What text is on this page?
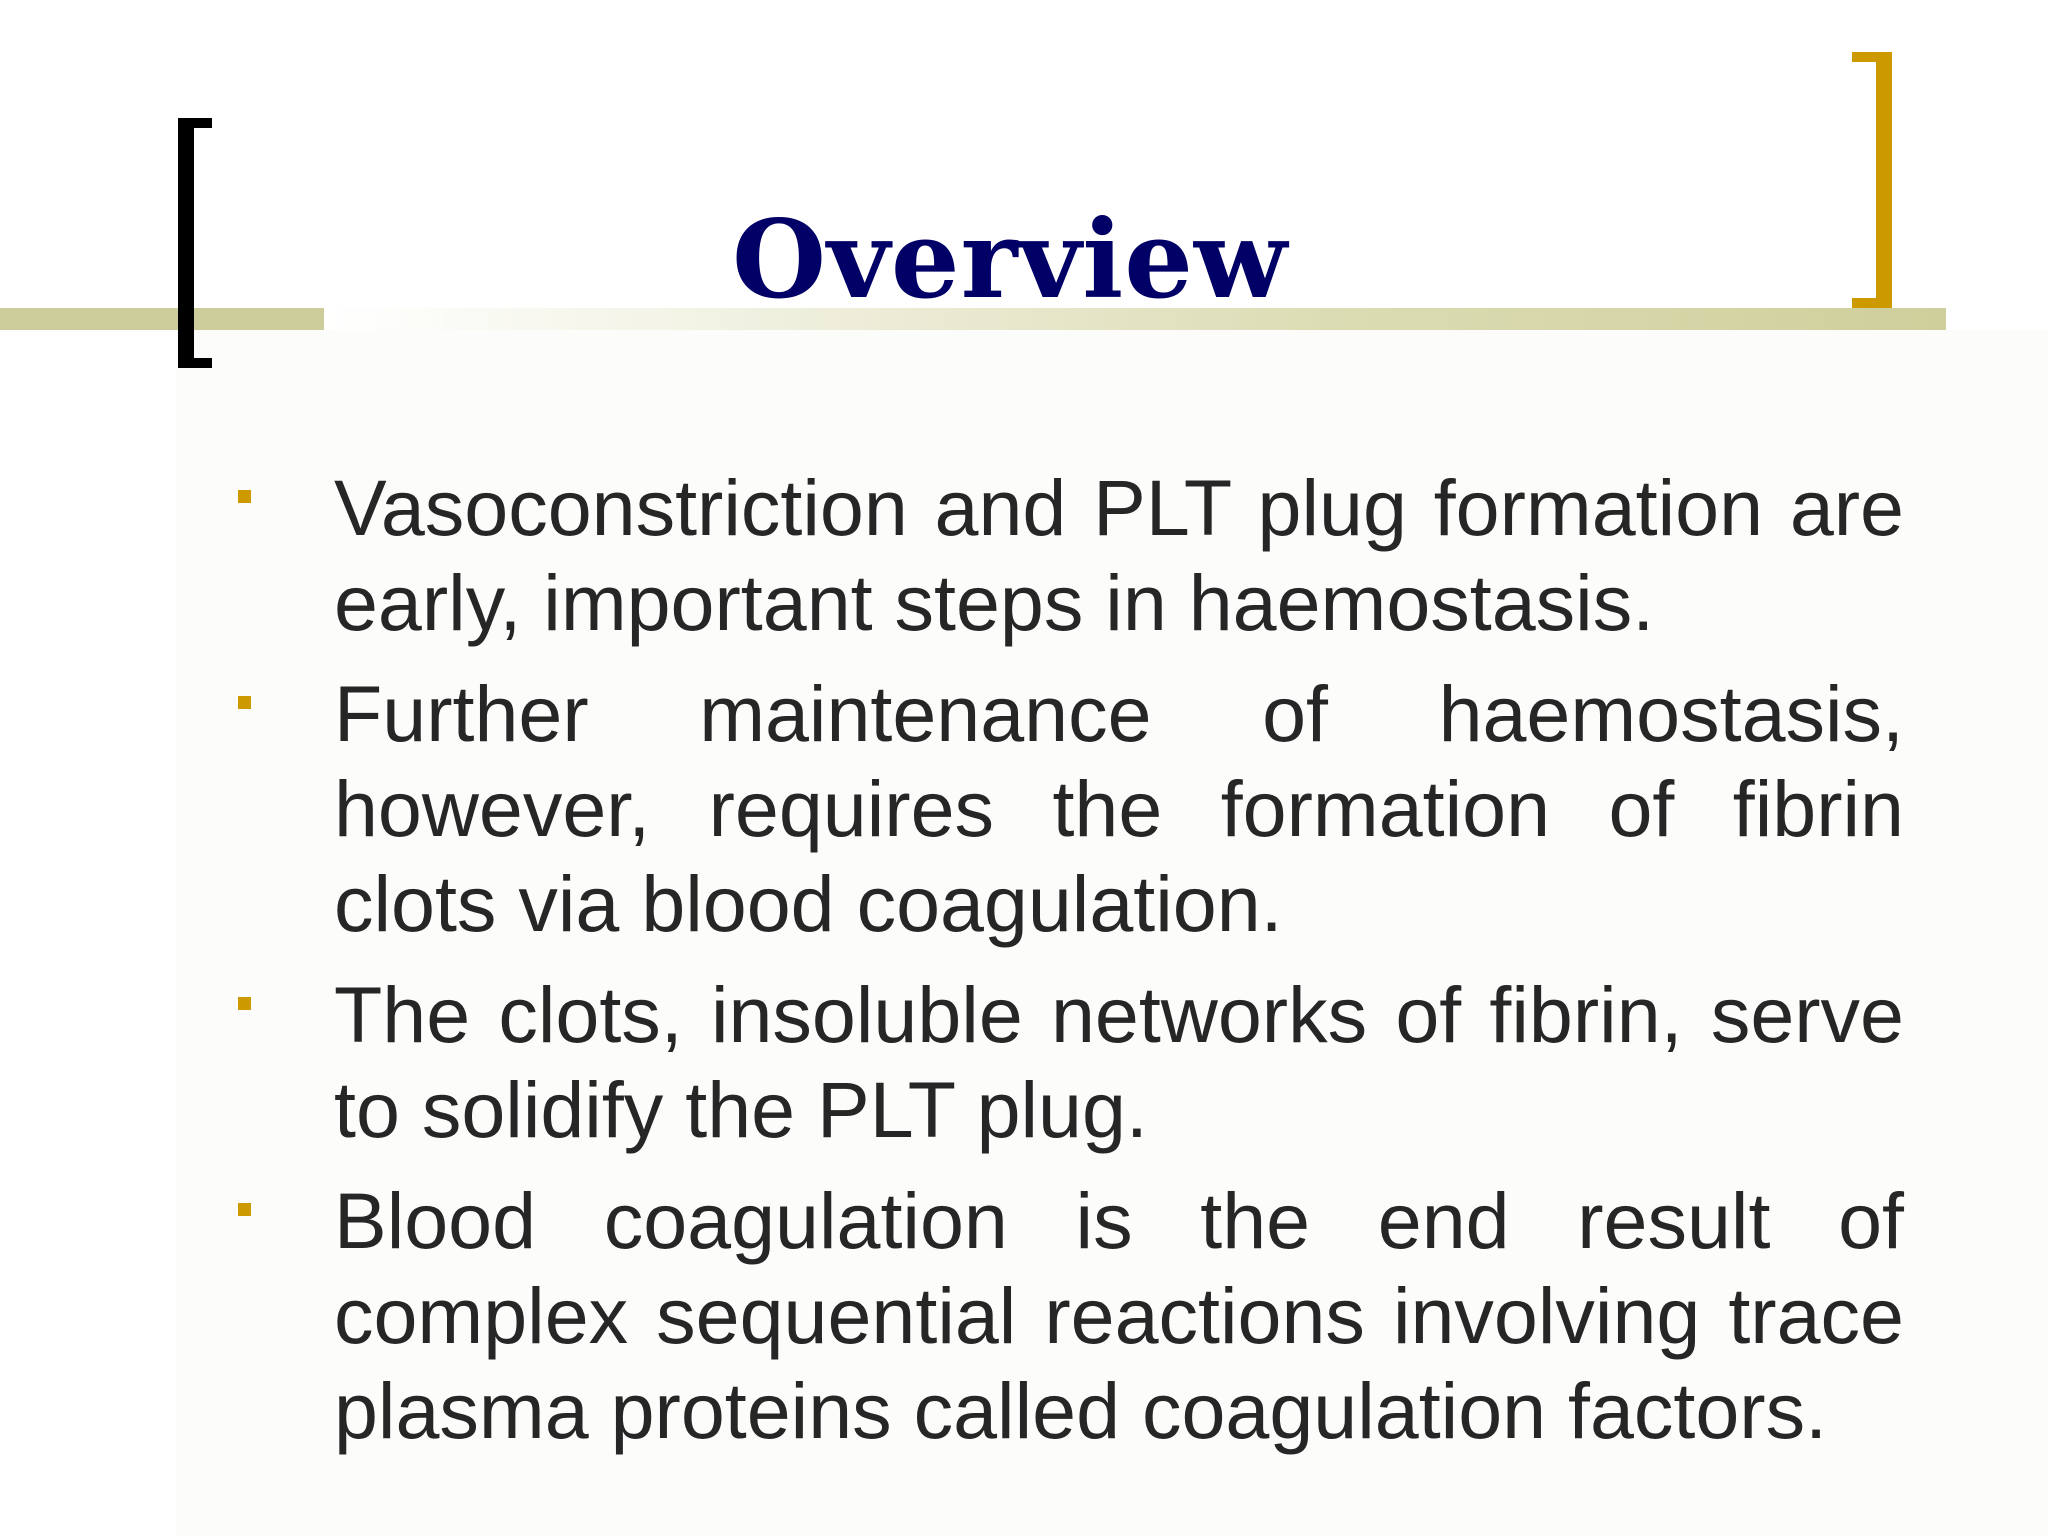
Overview
Vasoconstriction and PLT plug formation are early, important steps in haemostasis.
Further maintenance of haemostasis, however, requires the formation of fibrin clots via blood coagulation.
The clots, insoluble networks of fibrin, serve to solidify the PLT plug.
Blood coagulation is the end result of complex sequential reactions involving trace plasma proteins called coagulation factors.
